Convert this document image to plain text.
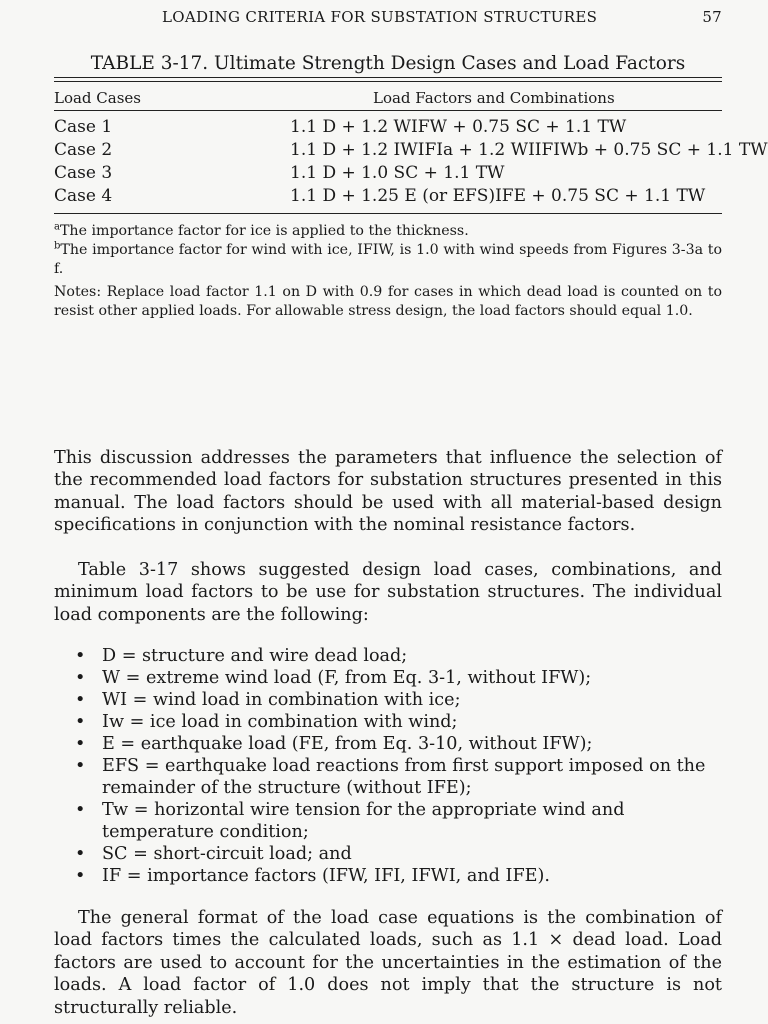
LOADING CRITERIA FOR SUBSTATION STRUCTURES	57
TABLE 3-17. Ultimate Strength Design Cases and Load Factors
Load Cases	Load Factors and Combinations
Case 1	1.1 D + 1.2 WIFW + 0.75 SC + 1.1 TW
Case 2	1.1 D + 1.2 IWIFIa + 1.2 WIIFIWb + 0.75 SC + 1.1 TW
Case 3	1.1 D + 1.0 SC + 1.1 TW
Case 4	1.1 D + 1.25 E (or EFS)IFE + 0.75 SC + 1.1 TW
$^a$The importance factor for ice is applied to the thickness.
$^b$The importance factor for wind with ice, IFIW, is 1.0 with wind speeds from Figures 3-3a to f.
Notes: Replace load factor 1.1 on D with 0.9 for cases in which dead load is counted on to resist other applied loads. For allowable stress design, the load factors should equal 1.0.

This discussion addresses the parameters that influence the selection of the recommended load factors for substation structures presented in this manual. The load factors should be used with all material-based design specifications in conjunction with the nominal resistance factors.

Table 3-17 shows suggested design load cases, combinations, and minimum load factors to be use for substation structures. The individual load components are the following:

• D = structure and wire dead load;
• W = extreme wind load (F, from Eq. 3-1, without IFW);
• WI = wind load in combination with ice;
• Iw = ice load in combination with wind;
• E = earthquake load (FE, from Eq. 3-10, without IFW);
• EFS = earthquake load reactions from first support imposed on the remainder of the structure (without IFE);
• Tw = horizontal wire tension for the appropriate wind and temperature condition;
• SC = short-circuit load; and
• IF = importance factors (IFW, IFI, IFWI, and IFE).

The general format of the load case equations is the combination of load factors times the calculated loads, such as 1.1 × dead load. Load factors are used to account for the uncertainties in the estimation of the loads. A load factor of 1.0 does not imply that the structure is not structurally reliable.
